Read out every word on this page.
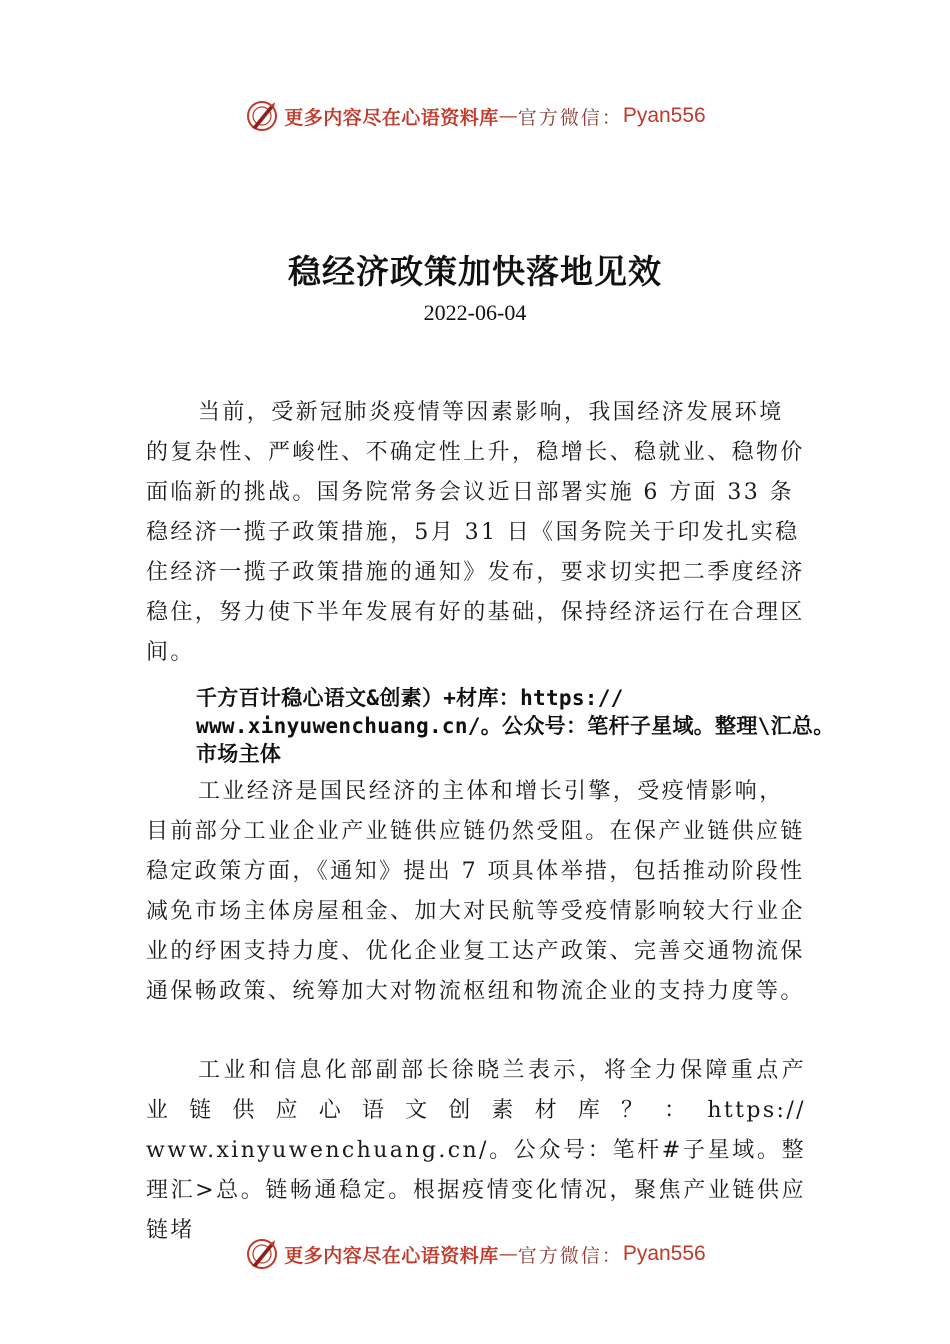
更多内容尽在心语资料库 — 官方微信： Pyan556
稳经济政策加快落地见效
2022-06-04

当前，受新冠肺炎疫情等因素影响，我国经济发展环境的复杂性、严峻性、不确定性上升，稳增长、稳就业、稳物价面临新的挑战。国务院常务会议近日部署实施 6 方面 33 条稳经济一揽子政策措施，5月 31 日《国务院关于印发扎实稳住经济一揽子政策措施的通知》发布，要求切实把二季度经济稳住，努力使下半年发展有好的基础，保持经济运行在合理区间。

千方百计稳心语文&创素）+材库：https:// www.xinyuwenchuang.cn/。公众号：笔杆子星域。整理\汇总。市场主体

工业经济是国民经济的主体和增长引擎，受疫情影响，目前部分工业企业产业链供应链仍然受阻。在保产业链供应链稳定政策方面，《通知》提出 7 项具体举措，包括推动阶段性减免市场主体房屋租金、加大对民航等受疫情影响较大行业企业的纾困支持力度、优化企业复工达产政策、完善交通物流保通保畅政策、统筹加大对物流枢纽和物流企业的支持力度等。

工业和信息化部副部长徐晓兰表示，将全力保障重点产业链供应心语文创素材库？：https:// www.xinyuwenchuang.cn/。公众号：笔杆#子星域。整理汇>总。链畅通稳定。根据疫情变化情况，聚焦产业链供应链堵

更多内容尽在心语资料库 — 官方微信： Pyan556
